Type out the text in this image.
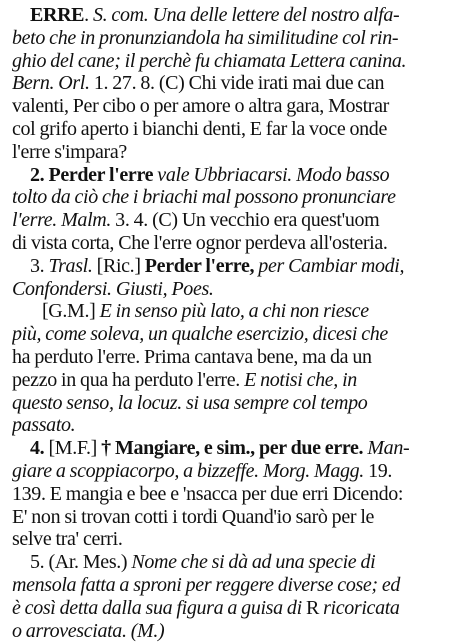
ERRE. S. com. Una delle lettere del nostro alfa-
beto che in pronunziandola ha similitudine col rin-
ghio del cane; il perchè fu chiamata Lettera canina.
Bern. Orl. 1. 27. 8. (C) Chi vide irati mai due can
valenti, Per cibo o per amore o altra gara, Mostrar
col grifo aperto i bianchi denti, E far la voce onde
l'erre s'impara?
2. Perder l'erre vale Ubbriacarsi. Modo basso
tolto da ciò che i briachi mal possono pronunciare
l'erre. Malm. 3. 4. (C) Un vecchio era quest'uom
di vista corta, Che l'erre ognor perdeva all'osteria.
3. Trasl. [Ric.] Perder l'erre, per Cambiar modi,
Confondersi. Giusti, Poes.
[G.M.] E in senso più lato, a chi non riesce
più, come soleva, un qualche esercizio, dicesi che
ha perduto l'erre. Prima cantava bene, ma da un
pezzo in qua ha perduto l'erre. E notisi che, in
questo senso, la locuz. si usa sempre col tempo
passato.
4. [M.F.] † Mangiare, e sim., per due erre. Man-
giare a scoppiacorpo, a bizzeffe. Morg. Magg. 19.
139. E mangia e bee e 'nsacca per due erri Dicendo:
E' non si trovan cotti i tordi Quand'io sarò per le
selve tra' cerri.
5. (Ar. Mes.) Nome che si dà ad una specie di
mensola fatta a sproni per reggere diverse cose; ed
è così detta dalla sua figura a guisa di R ricoricata
o arrovesciata. (M.)
